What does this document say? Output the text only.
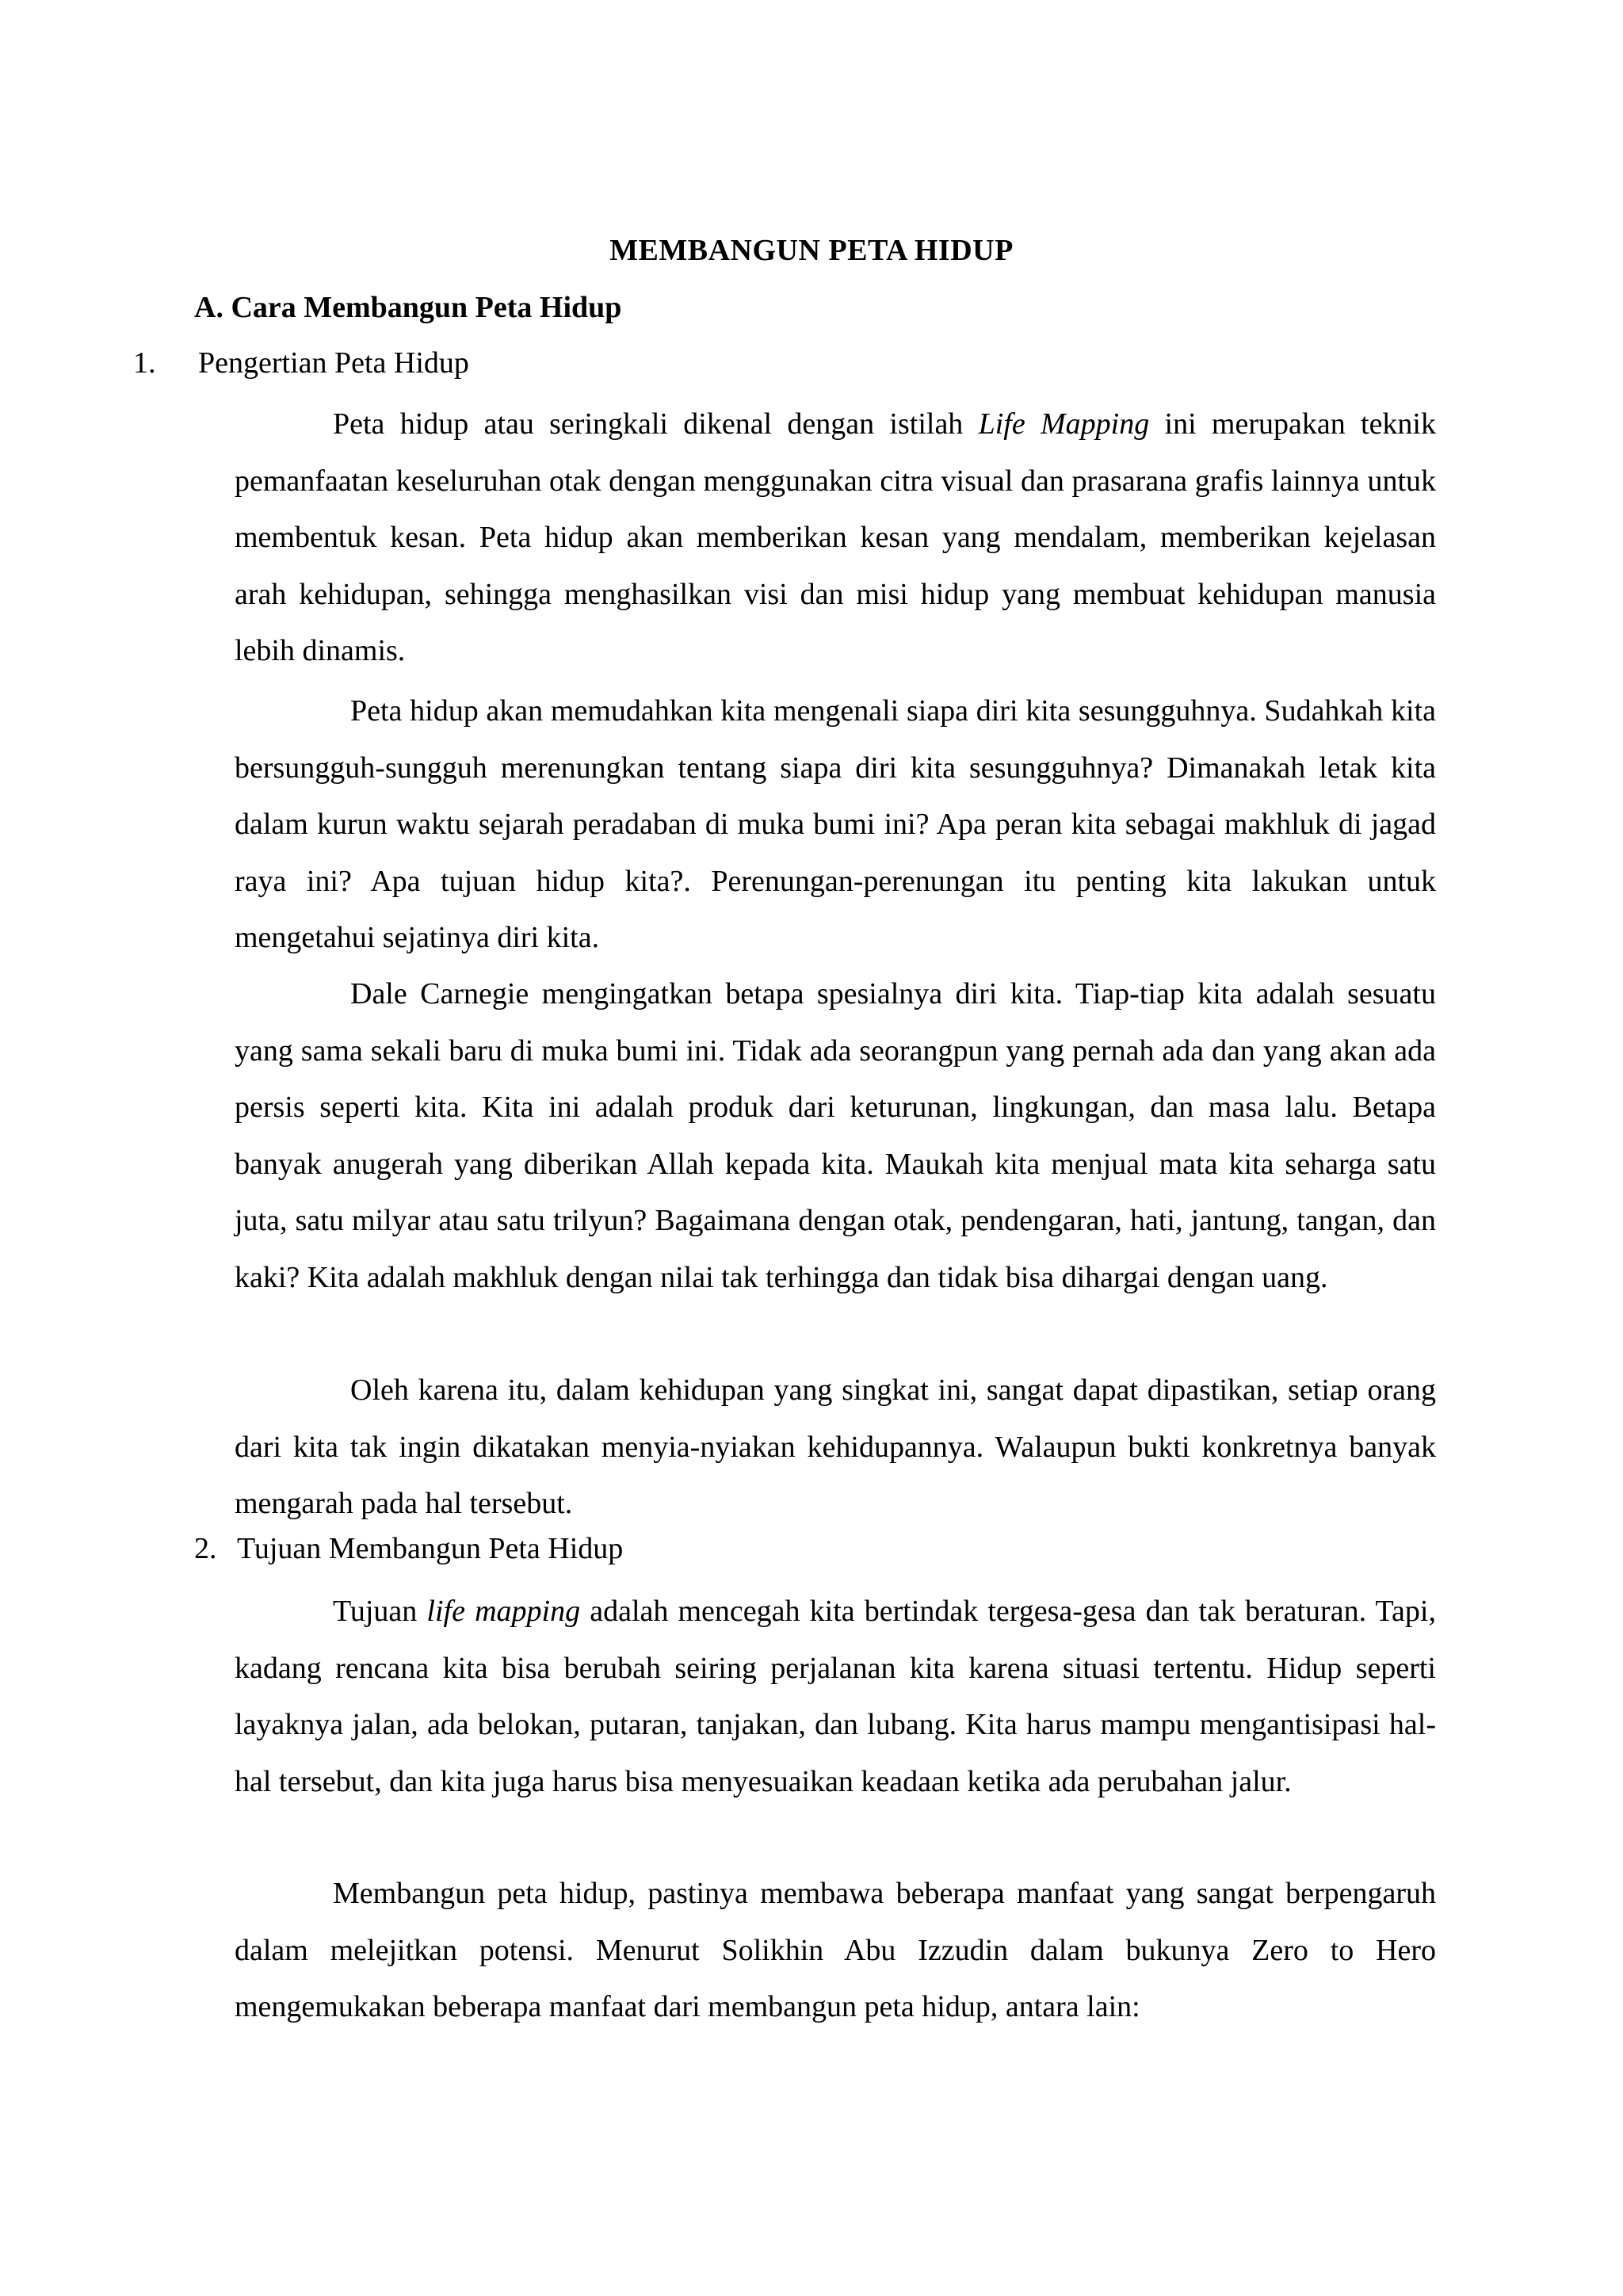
MEMBANGUN PETA HIDUP
A. Cara Membangun Peta Hidup
1. Pengertian Peta Hidup

Peta hidup atau seringkali dikenal dengan istilah Life Mapping ini merupakan teknik pemanfaatan keseluruhan otak dengan menggunakan citra visual dan prasarana grafis lainnya untuk membentuk kesan. Peta hidup akan memberikan kesan yang mendalam, memberikan kejelasan arah kehidupan, sehingga menghasilkan visi dan misi hidup yang membuat kehidupan manusia lebih dinamis.

Peta hidup akan memudahkan kita mengenali siapa diri kita sesungguhnya. Sudahkah kita bersungguh-sungguh merenungkan tentang siapa diri kita sesungguhnya? Dimanakah letak kita dalam kurun waktu sejarah peradaban di muka bumi ini? Apa peran kita sebagai makhluk di jagad raya ini? Apa tujuan hidup kita?. Perenungan-perenungan itu penting kita lakukan untuk mengetahui sejatinya diri kita.

Dale Carnegie mengingatkan betapa spesialnya diri kita. Tiap-tiap kita adalah sesuatu yang sama sekali baru di muka bumi ini. Tidak ada seorangpun yang pernah ada dan yang akan ada persis seperti kita. Kita ini adalah produk dari keturunan, lingkungan, dan masa lalu. Betapa banyak anugerah yang diberikan Allah kepada kita. Maukah kita menjual mata kita seharga satu juta, satu milyar atau satu trilyun? Bagaimana dengan otak, pendengaran, hati, jantung, tangan, dan kaki? Kita adalah makhluk dengan nilai tak terhingga dan tidak bisa dihargai dengan uang.

Oleh karena itu, dalam kehidupan yang singkat ini, sangat dapat dipastikan, setiap orang dari kita tak ingin dikatakan menyia-nyiakan kehidupannya. Walaupun bukti konkretnya banyak mengarah pada hal tersebut.

2. Tujuan Membangun Peta Hidup

Tujuan life mapping adalah mencegah kita bertindak tergesa-gesa dan tak beraturan. Tapi, kadang rencana kita bisa berubah seiring perjalanan kita karena situasi tertentu. Hidup seperti layaknya jalan, ada belokan, putaran, tanjakan, dan lubang. Kita harus mampu mengantisipasi hal-hal tersebut, dan kita juga harus bisa menyesuaikan keadaan ketika ada perubahan jalur.

Membangun peta hidup, pastinya membawa beberapa manfaat yang sangat berpengaruh dalam melejitkan potensi. Menurut Solikhin Abu Izzudin dalam bukunya Zero to Hero mengemukakan beberapa manfaat dari membangun peta hidup, antara lain:
